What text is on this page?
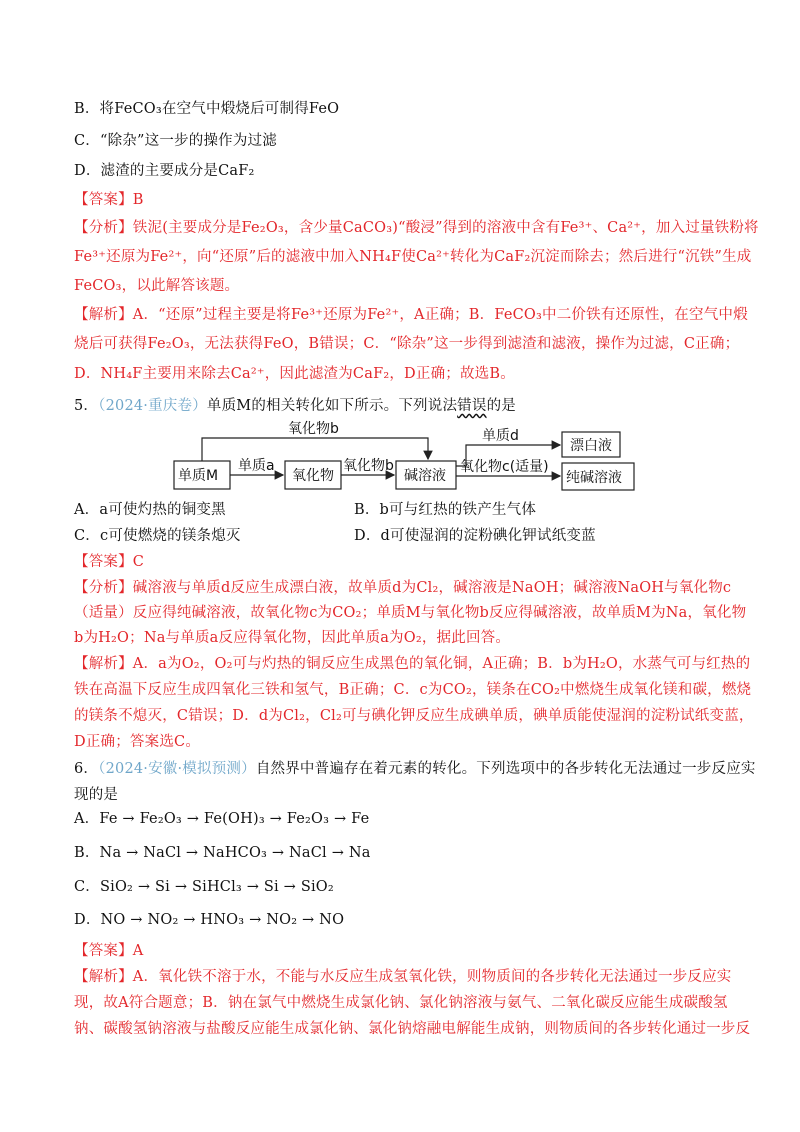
B．将FeCO₃在空气中煅烧后可制得FeO
C．“除杂”这一步的操作为过滤
D．滤渣的主要成分是CaF₂
【答案】B
【分析】铁泥(主要成分是Fe₂O₃，含少量CaCO₃)“酸浸”得到的溶液中含有Fe³⁺、Ca²⁺，加入过量铁粉将
Fe³⁺还原为Fe²⁺，向“还原”后的滤液中加入NH₄F使Ca²⁺转化为CaF₂沉淀而除去；然后进行“沉铁”生成
FeCO₃，以此解答该题。
【解析】A．“还原”过程主要是将Fe³⁺还原为Fe²⁺，A正确；B．FeCO₃中二价铁有还原性，在空气中煅
烧后可获得Fe₂O₃，无法获得FeO，B错误；C．“除杂”这一步得到滤渣和滤液，操作为过滤，C正确；
D．NH₄F主要用来除去Ca²⁺，因此滤渣为CaF₂，D正确；故选B。
5．（2024·重庆卷）单质M的相关转化如下所示。下列说法错误的是
单质M	氧化物	碱溶液
漂白液
纯碱溶液
单质a	氧化物b
氧化物b	单质d
氧化物c(适量)
A．a可使灼热的铜变黑	B．b可与红热的铁产生气体
C．c可使燃烧的镁条熄灭	D．d可使湿润的淀粉碘化钾试纸变蓝
【答案】C
【分析】碱溶液与单质d反应生成漂白液，故单质d为Cl₂，碱溶液是NaOH；碱溶液NaOH与氧化物c
（适量）反应得纯碱溶液，故氧化物c为CO₂；单质M与氧化物b反应得碱溶液，故单质M为Na，氧化物
b为H₂O；Na与单质a反应得氧化物，因此单质a为O₂，据此回答。
【解析】A．a为O₂，O₂可与灼热的铜反应生成黑色的氧化铜，A正确；B．b为H₂O，水蒸气可与红热的
铁在高温下反应生成四氧化三铁和氢气，B正确；C．c为CO₂，镁条在CO₂中燃烧生成氧化镁和碳，燃烧
的镁条不熄灭，C错误；D．d为Cl₂，Cl₂可与碘化钾反应生成碘单质，碘单质能使湿润的淀粉试纸变蓝，
D正确；答案选C。
6．（2024·安徽·模拟预测）自然界中普遍存在着元素的转化。下列选项中的各步转化无法通过一步反应实
现的是
A．Fe → Fe₂O₃ → Fe(OH)₃ → Fe₂O₃ → Fe
B．Na → NaCl → NaHCO₃ → NaCl → Na
C．SiO₂ → Si → SiHCl₃ → Si → SiO₂
D．NO → NO₂ → HNO₃ → NO₂ → NO
【答案】A
【解析】A．氧化铁不溶于水，不能与水反应生成氢氧化铁，则物质间的各步转化无法通过一步反应实
现，故A符合题意；B．钠在氯气中燃烧生成氯化钠、氯化钠溶液与氨气、二氧化碳反应能生成碳酸氢
钠、碳酸氢钠溶液与盐酸反应能生成氯化钠、氯化钠熔融电解能生成钠，则物质间的各步转化通过一步反
